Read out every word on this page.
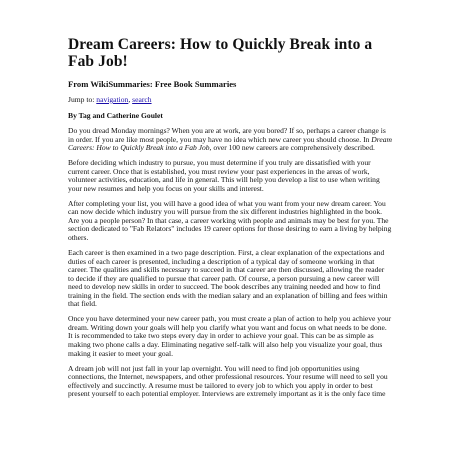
Dream Careers: How to Quickly Break into a Fab Job!
From WikiSummaries: Free Book Summaries
Jump to: navigation, search
By Tag and Catherine Goulet

Do you dread Monday mornings? When you are at work, are you bored? If so, perhaps a career change is in order. If you are like most people, you may have no idea which new career you should choose. In Dream Careers: How to Quickly Break into a Fab Job, over 100 new careers are comprehensively described.

Before deciding which industry to pursue, you must determine if you truly are dissatisfied with your current career. Once that is established, you must review your past experiences in the areas of work, volunteer activities, education, and life in general. This will help you develop a list to use when writing your new resumes and help you focus on your skills and interest.

After completing your list, you will have a good idea of what you want from your new dream career. You can now decide which industry you will pursue from the six different industries highlighted in the book. Are you a people person? In that case, a career working with people and animals may be best for you. The section dedicated to "Fab Relators" includes 19 career options for those desiring to earn a living by helping others.

Each career is then examined in a two page description. First, a clear explanation of the expectations and duties of each career is presented, including a description of a typical day of someone working in that career. The qualities and skills necessary to succeed in that career are then discussed, allowing the reader to decide if they are qualified to pursue that career path. Of course, a person pursuing a new career will need to develop new skills in order to succeed. The book describes any training needed and how to find training in the field. The section ends with the median salary and an explanation of billing and fees within that field.

Once you have determined your new career path, you must create a plan of action to help you achieve your dream. Writing down your goals will help you clarify what you want and focus on what needs to be done. It is recommended to take two steps every day in order to achieve your goal. This can be as simple as making two phone calls a day. Eliminating negative self-talk will also help you visualize your goal, thus making it easier to meet your goal.

A dream job will not just fall in your lap overnight. You will need to find job opportunities using connections, the Internet, newspapers, and other professional resources. Your resume will need to sell you effectively and succinctly. A resume must be tailored to every job to which you apply in order to best present yourself to each potential employer. Interviews are extremely important as it is the only face time
